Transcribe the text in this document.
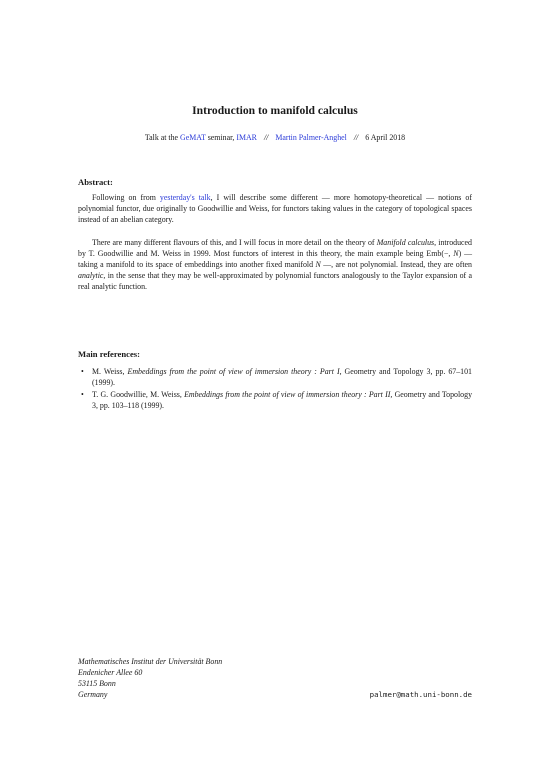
Introduction to manifold calculus
Talk at the GeMAT seminar, IMAR // Martin Palmer-Anghel // 6 April 2018
Abstract:

Following on from yesterday's talk, I will describe some different — more homotopy-theoretical — notions of polynomial functor, due originally to Goodwillie and Weiss, for functors taking values in the category of topological spaces instead of an abelian category.

There are many different flavours of this, and I will focus in more detail on the theory of Manifold calculus, introduced by T. Goodwillie and M. Weiss in 1999. Most functors of interest in this theory, the main example being Emb(−, N) — taking a manifold to its space of embeddings into another fixed manifold N —, are not polynomial. Instead, they are often analytic, in the sense that they may be well-approximated by polynomial functors analogously to the Taylor expansion of a real analytic function.

Main references:
• M. Weiss, Embeddings from the point of view of immersion theory : Part I, Geometry and Topology 3, pp. 67–101 (1999).
• T. G. Goodwillie, M. Weiss, Embeddings from the point of view of immersion theory : Part II, Geometry and Topology 3, pp. 103–118 (1999).
Mathematisches Institut der Universität Bonn
Endenicher Allee 60
53115 Bonn
Germany	palmer@math.uni-bonn.de
